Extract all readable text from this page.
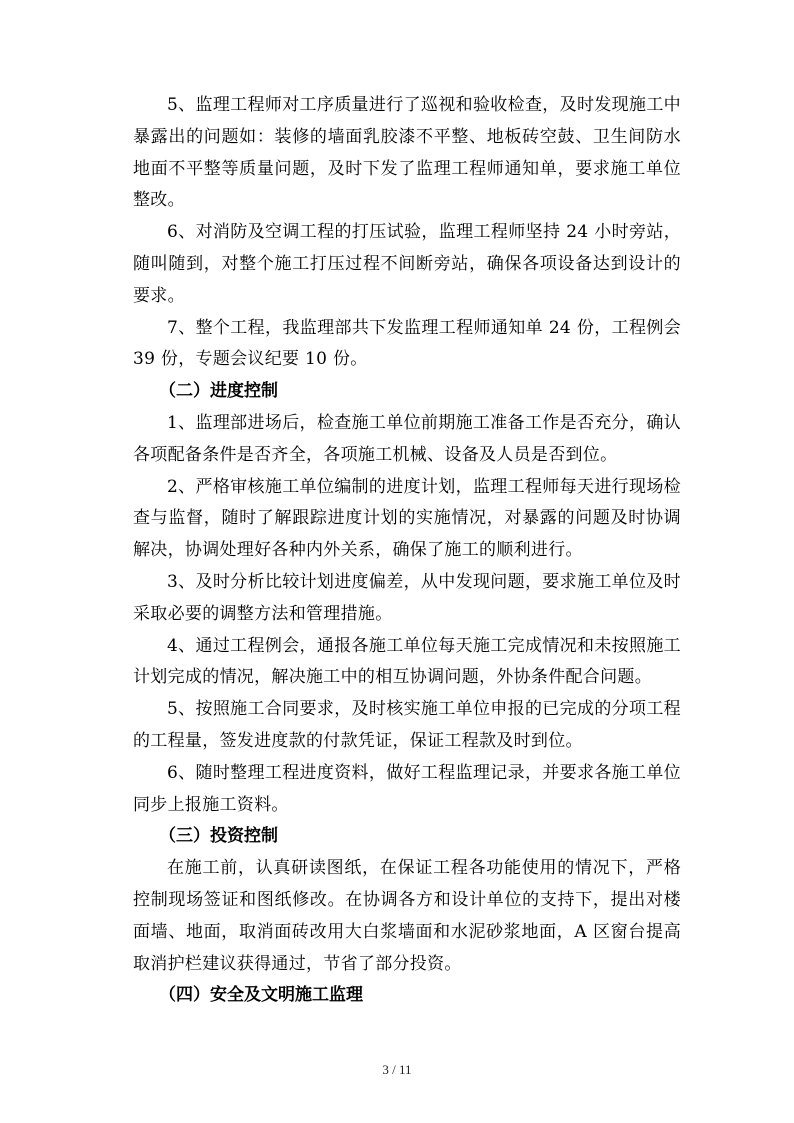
5、监理工程师对工序质量进行了巡视和验收检查，及时发现施工中暴露出的问题如：装修的墙面乳胶漆不平整、地板砖空鼓、卫生间防水地面不平整等质量问题，及时下发了监理工程师通知单，要求施工单位整改。

6、对消防及空调工程的打压试验，监理工程师坚持 24 小时旁站，随叫随到，对整个施工打压过程不间断旁站，确保各项设备达到设计的要求。

7、整个工程，我监理部共下发监理工程师通知单 24 份，工程例会 39 份，专题会议纪要 10 份。

（二）进度控制

1、监理部进场后，检查施工单位前期施工准备工作是否充分，确认各项配备条件是否齐全，各项施工机械、设备及人员是否到位。

2、严格审核施工单位编制的进度计划，监理工程师每天进行现场检查与监督，随时了解跟踪进度计划的实施情况，对暴露的问题及时协调解决，协调处理好各种内外关系，确保了施工的顺利进行。

3、及时分析比较计划进度偏差，从中发现问题，要求施工单位及时采取必要的调整方法和管理措施。

4、通过工程例会，通报各施工单位每天施工完成情况和未按照施工计划完成的情况，解决施工中的相互协调问题，外协条件配合问题。

5、按照施工合同要求，及时核实施工单位申报的已完成的分项工程的工程量，签发进度款的付款凭证，保证工程款及时到位。

6、随时整理工程进度资料，做好工程监理记录，并要求各施工单位同步上报施工资料。

（三）投资控制

在施工前，认真研读图纸，在保证工程各功能使用的情况下，严格控制现场签证和图纸修改。在协调各方和设计单位的支持下，提出对楼面墙、地面，取消面砖改用大白浆墙面和水泥砂浆地面，A 区窗台提高取消护栏建议获得通过，节省了部分投资。

（四）安全及文明施工监理

3 / 11
